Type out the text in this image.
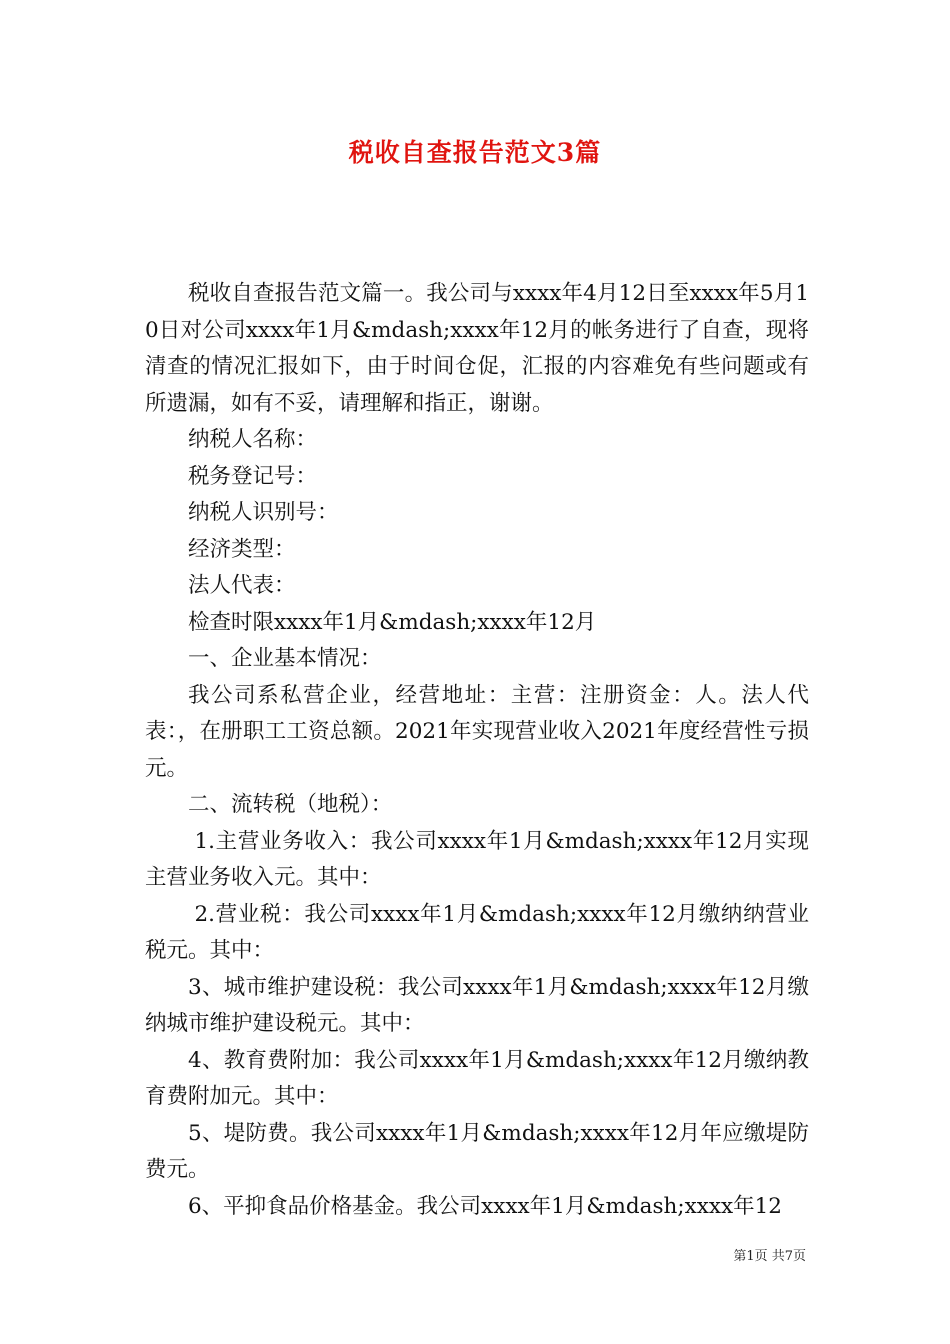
税收自查报告范文3篇

税收自查报告范文篇一。我公司与xxxx年4月12日至xxxx年5月10日对公司xxxx年1月&mdash;xxxx年12月的帐务进行了自查，现将清查的情况汇报如下，由于时间仓促，汇报的内容难免有些问题或有所遗漏，如有不妥，请理解和指正，谢谢。

纳税人名称：

税务登记号：

纳税人识别号：

经济类型：

法人代表：

检查时限xxxx年1月&mdash;xxxx年12月

一、企业基本情况：

我公司系私营企业，经营地址：主营：注册资金：人。法人代表：，在册职工工资总额。2021年实现营业收入2021年度经营性亏损元。

二、流转税（地税）：

1.主营业务收入：我公司xxxx年1月&mdash;xxxx年12月实现主营业务收入元。其中：

2.营业税：我公司xxxx年1月&mdash;xxxx年12月缴纳纳营业税元。其中：

3、城市维护建设税：我公司xxxx年1月&mdash;xxxx年12月缴纳城市维护建设税元。其中：

4、教育费附加：我公司xxxx年1月&mdash;xxxx年12月缴纳教育费附加元。其中：

5、堤防费。我公司xxxx年1月&mdash;xxxx年12月年应缴堤防费元。

6、平抑食品价格基金。我公司xxxx年1月&mdash;xxxx年12

第1页 共7页
